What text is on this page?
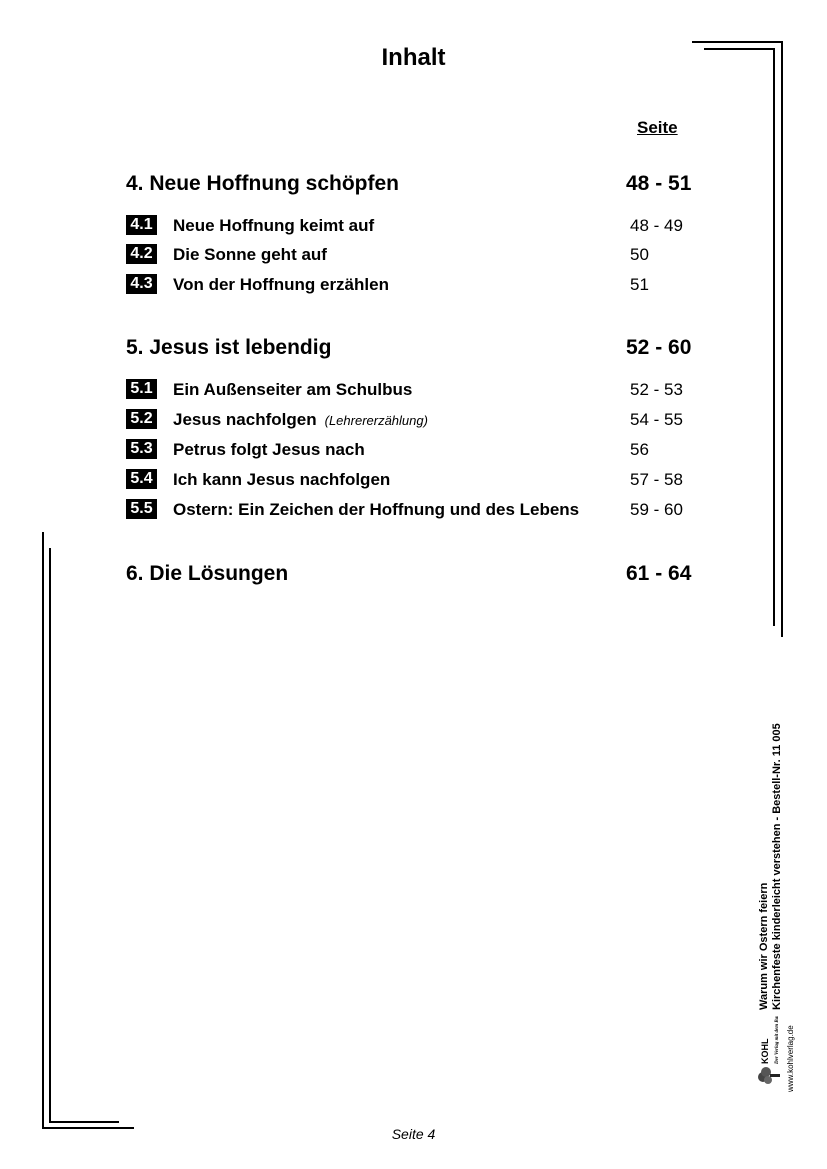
Inhalt
Seite
4. Neue Hoffnung schöpfen	48 - 51
4.1 Neue Hoffnung keimt auf	48 - 49
4.2 Die Sonne geht auf	50
4.3 Von der Hoffnung erzählen	51
5. Jesus ist lebendig	52 - 60
5.1 Ein Außenseiter am Schulbus	52 - 53
5.2 Jesus nachfolgen (Lehrererzählung)	54 - 55
5.3 Petrus folgt Jesus nach	56
5.4 Ich kann Jesus nachfolgen	57 - 58
5.5 Ostern: Ein Zeichen der Hoffnung und des Lebens	59 - 60
6. Die Lösungen	61 - 64
KOHL Der Verlag mit dem Baum
Warum wir Ostern feiern Kirchenfeste kinderleicht verstehen - Bestell-Nr. 11 005
www.kohlverlag.de
Seite 4
